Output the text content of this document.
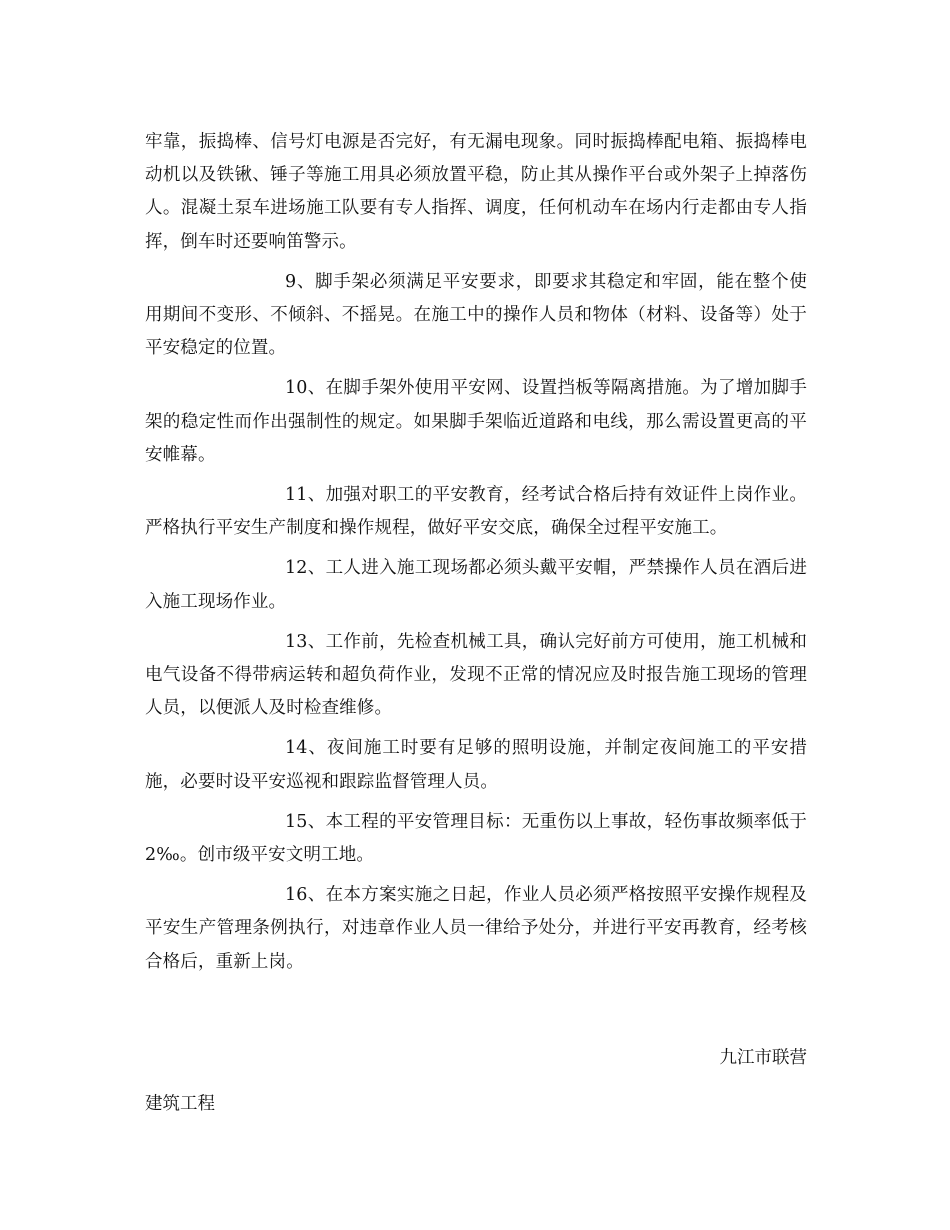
牢靠，振捣棒、信号灯电源是否完好，有无漏电现象。同时振捣棒配电箱、振捣棒电动机以及铁锹、锤子等施工用具必须放置平稳，防止其从操作平台或外架子上掉落伤人。混凝土泵车进场施工队要有专人指挥、调度，任何机动车在场内行走都由专人指挥，倒车时还要响笛警示。

9、脚手架必须满足平安要求，即要求其稳定和牢固，能在整个使用期间不变形、不倾斜、不摇晃。在施工中的操作人员和物体（材料、设备等）处于平安稳定的位置。

10、在脚手架外使用平安网、设置挡板等隔离措施。为了增加脚手架的稳定性而作出强制性的规定。如果脚手架临近道路和电线，那么需设置更高的平安帷幕。

11、加强对职工的平安教育，经考试合格后持有效证件上岗作业。严格执行平安生产制度和操作规程，做好平安交底，确保全过程平安施工。

12、工人进入施工现场都必须头戴平安帽，严禁操作人员在酒后进入施工现场作业。

13、工作前，先检查机械工具，确认完好前方可使用，施工机械和电气设备不得带病运转和超负荷作业，发现不正常的情况应及时报告施工现场的管理人员，以便派人及时检查维修。

14、夜间施工时要有足够的照明设施，并制定夜间施工的平安措施，必要时设平安巡视和跟踪监督管理人员。

15、本工程的平安管理目标：无重伤以上事故，轻伤事故频率低于 2‰。创市级平安文明工地。

16、在本方案实施之日起，作业人员必须严格按照平安操作规程及平安生产管理条例执行，对违章作业人员一律给予处分，并进行平安再教育，经考核合格后，重新上岗。

九江市联营

建筑工程
